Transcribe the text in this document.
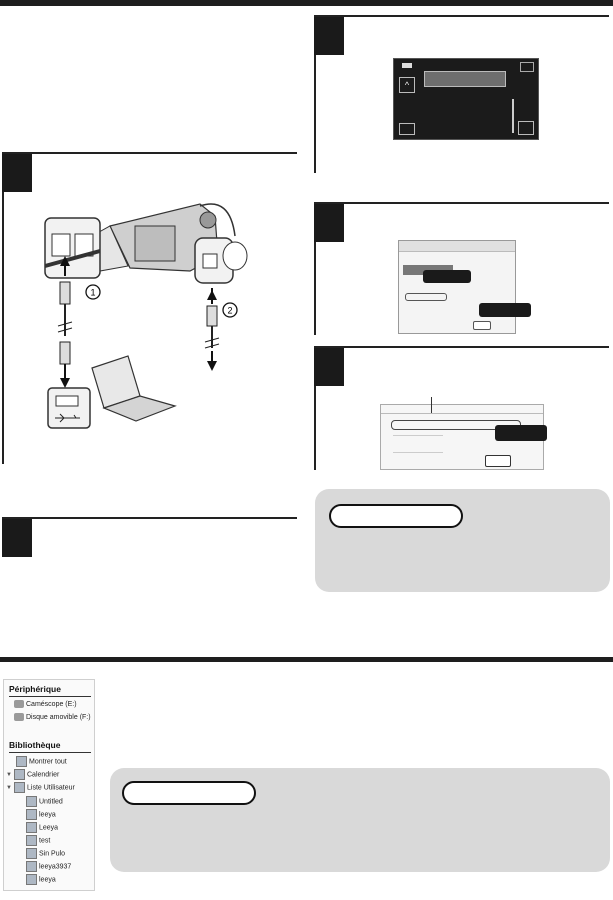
1
2
^
Périphérique
Caméscope (E:)
Disque amovible (F:)
Bibliothèque
Montrer tout
▼ Calendrier
▼ Liste Utilisateur
Untitled
leeya
Leeya
test
Sin Pulo
leeya3937
leeya
